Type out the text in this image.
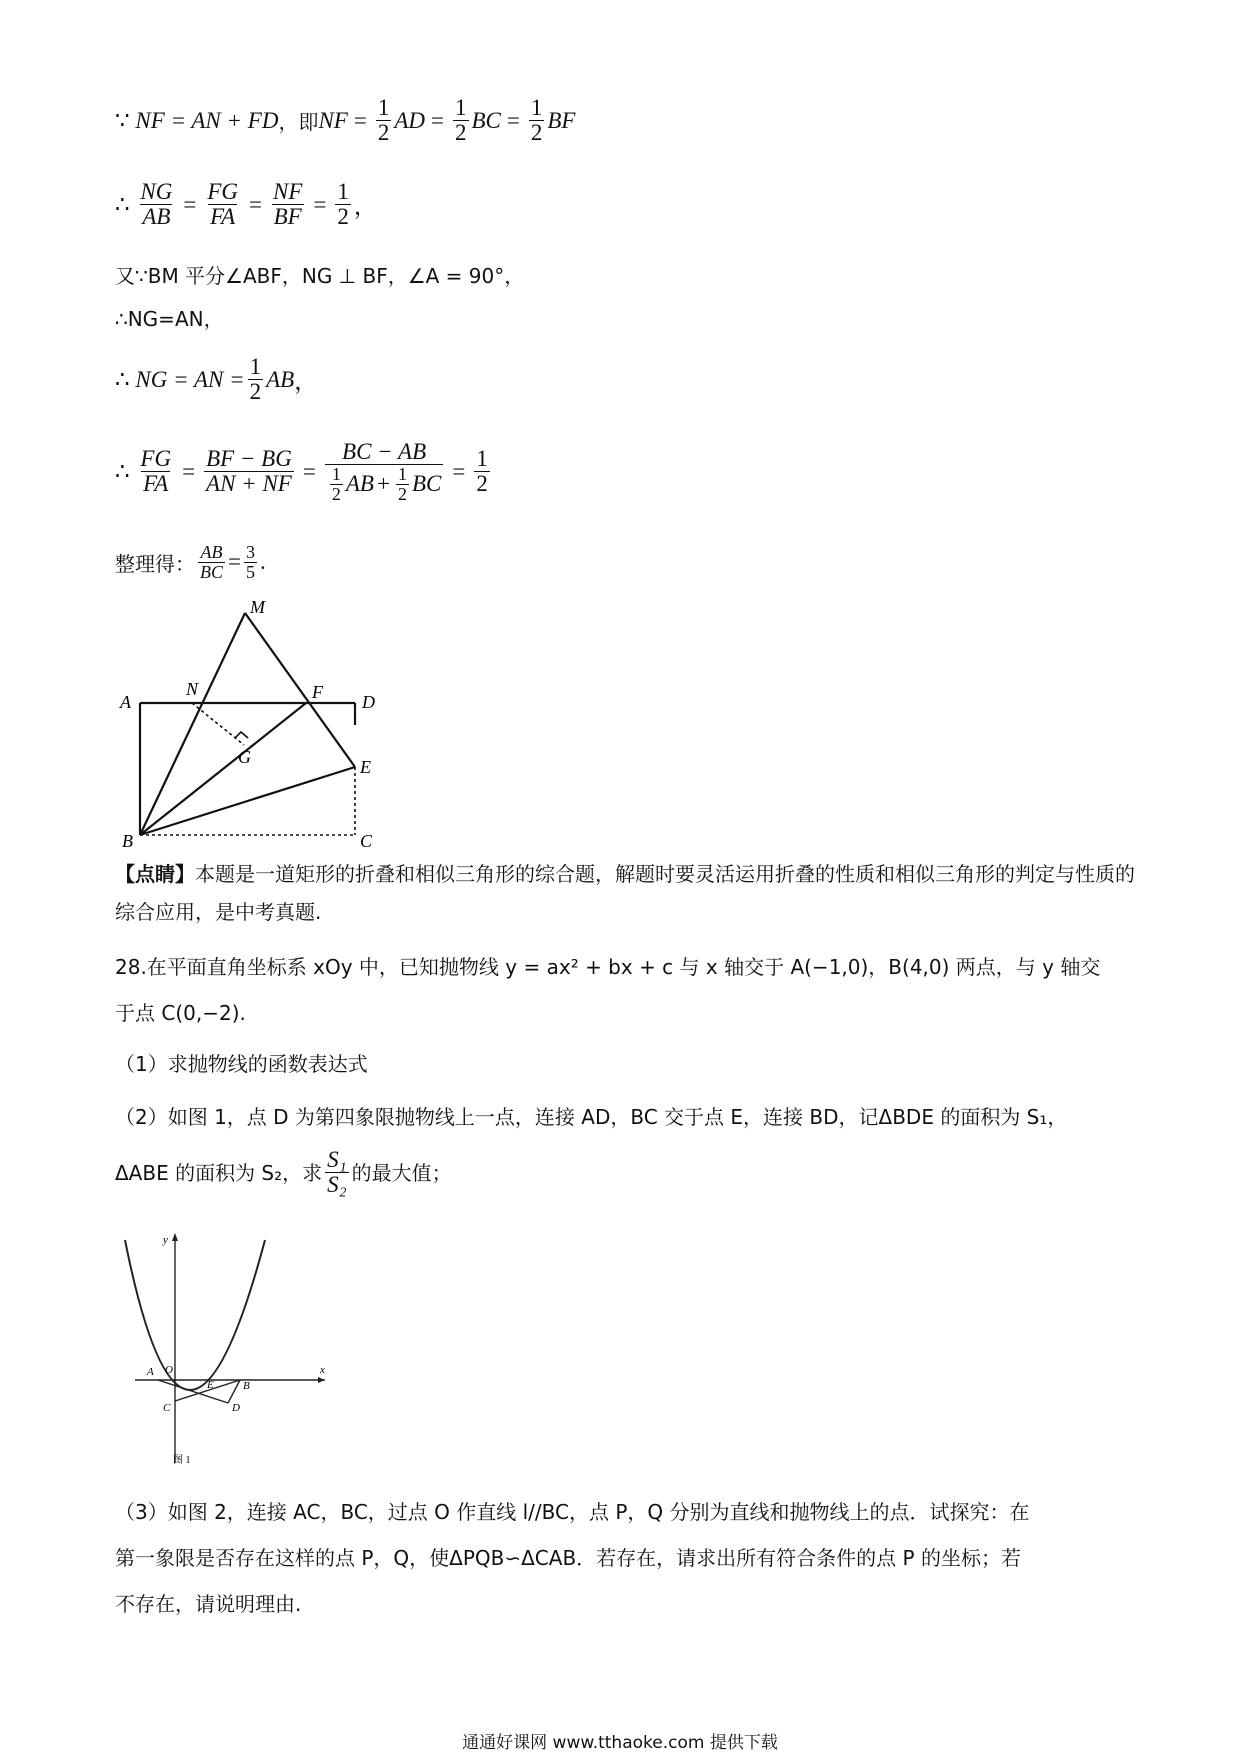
∵
NF = AN + FD ，即 NF = $\frac{1}{2}$ AD = $\frac{1}{2}$ BC = $\frac{1}{2}$ BF
∴
$\frac{NG}{AB} = \frac{FG}{FA} = \frac{NF}{BF} = \frac{1}{2}$ ，
又∵BM 平分∠ABF，NG ⊥ BF，∠A = 90°，
∴NG=AN，
∴
NG = AN = $\frac{1}{2}$ AB ，
∴
$\frac{FG}{FA} = \frac{BF - BG}{AN + NF} = \frac{BC - AB}{\frac{1}{2} AB + \frac{1}{2} BC} = \frac{1}{2}$
整理得： $\frac{AB}{BC} = \frac{3}{5}$ .
M
A
N	F D
G	E
B	C
【点睛】本题是一道矩形的折叠和相似三角形的综合题，解题时要灵活运用折叠的性质和相似三角形的判定与性质的综合应用，是中考真题.
28.在平面直角坐标系 xOy 中，已知抛物线 y = ax² + bx + c 与 x 轴交于 A(−1,0)，B(4,0) 两点，与 y 轴交
于点 C(0,−2).
（1）求抛物线的函数表达式
（2）如图 1，点 D 为第四象限抛物线上一点，连接 AD，BC 交于点 E，连接 BD，记ΔBDE 的面积为 S₁，
ΔABE 的面积为 S₂，求 $\frac{\text{S₁}}{\text{S₂}}$ 的最大值；
y
x
O
A
E	B
C	D
图 1
（3）如图 2，连接 AC，BC，过点 O 作直线 l//BC，点 P，Q 分别为直线和抛物线上的点．试探究：在
第一象限是否存在这样的点 P，Q，使ΔPQB∽ΔCAB．若存在，请求出所有符合条件的点 P 的坐标；若
不存在，请说明理由.
通通好课网 www.tthaoke.com 提供下载
